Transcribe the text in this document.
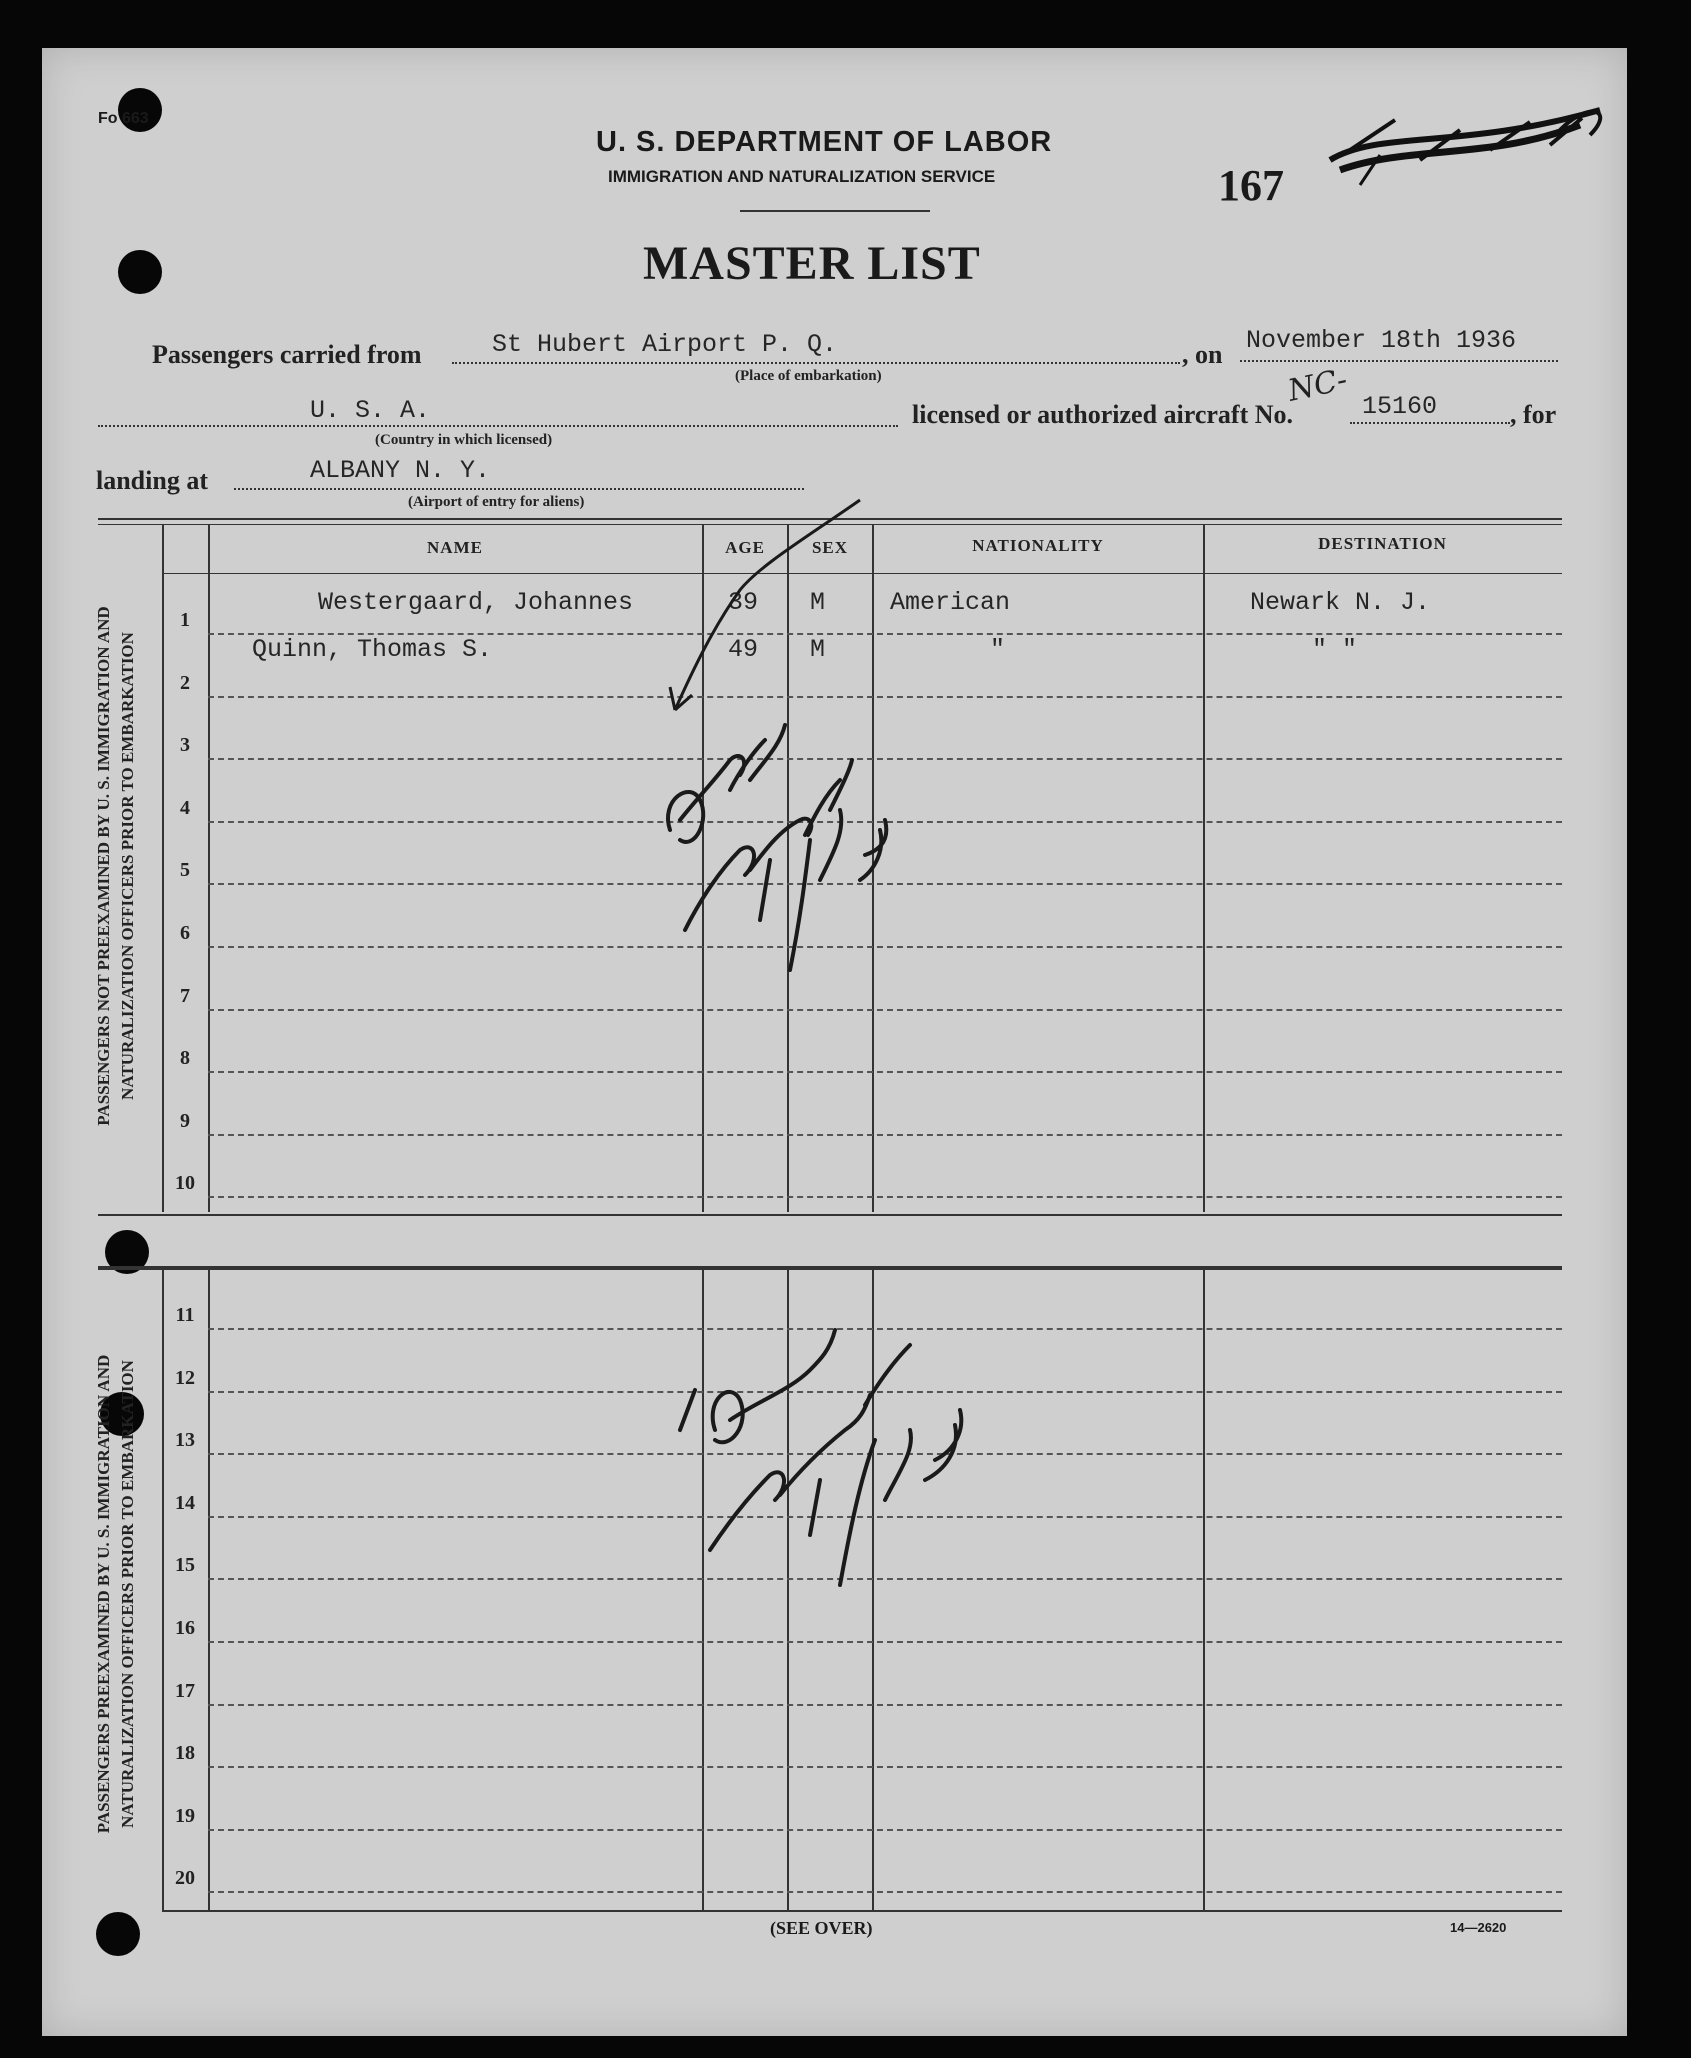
Fo 663
U. S. DEPARTMENT OF LABOR
IMMIGRATION AND NATURALIZATION SERVICE
MASTER LIST
167
Passengers carried from	St Hubert Airport P. Q.
(Place of embarkation)
, on November 18th 1936
U. S. A.
(Country in which licensed)
licensed or authorized aircraft No.
NC- 15160	, for
landing at	ALBANY N. Y.
(Airport of entry for aliens)
NAME	AGE	SEX	NATIONALITY	DESTINATION
PASSENGERS NOT PREEXAMINED BY U. S. IMMIGRATION AND NATURALIZATION OFFICERS PRIOR TO EMBARKATION
PASSENGERS PREEXAMINED BY U. S. IMMIGRATION AND NATURALIZATION OFFICERS PRIOR TO EMBARKATION
1
Westergaard, Johannes	39 M	American	Newark N. J.
2
Quinn, Thomas S.	49 M	"	" "
3
4
5
6
7
8
9
10
11
12
13
14
15
16
17
18
19
20
(SEE OVER)	14—2620
